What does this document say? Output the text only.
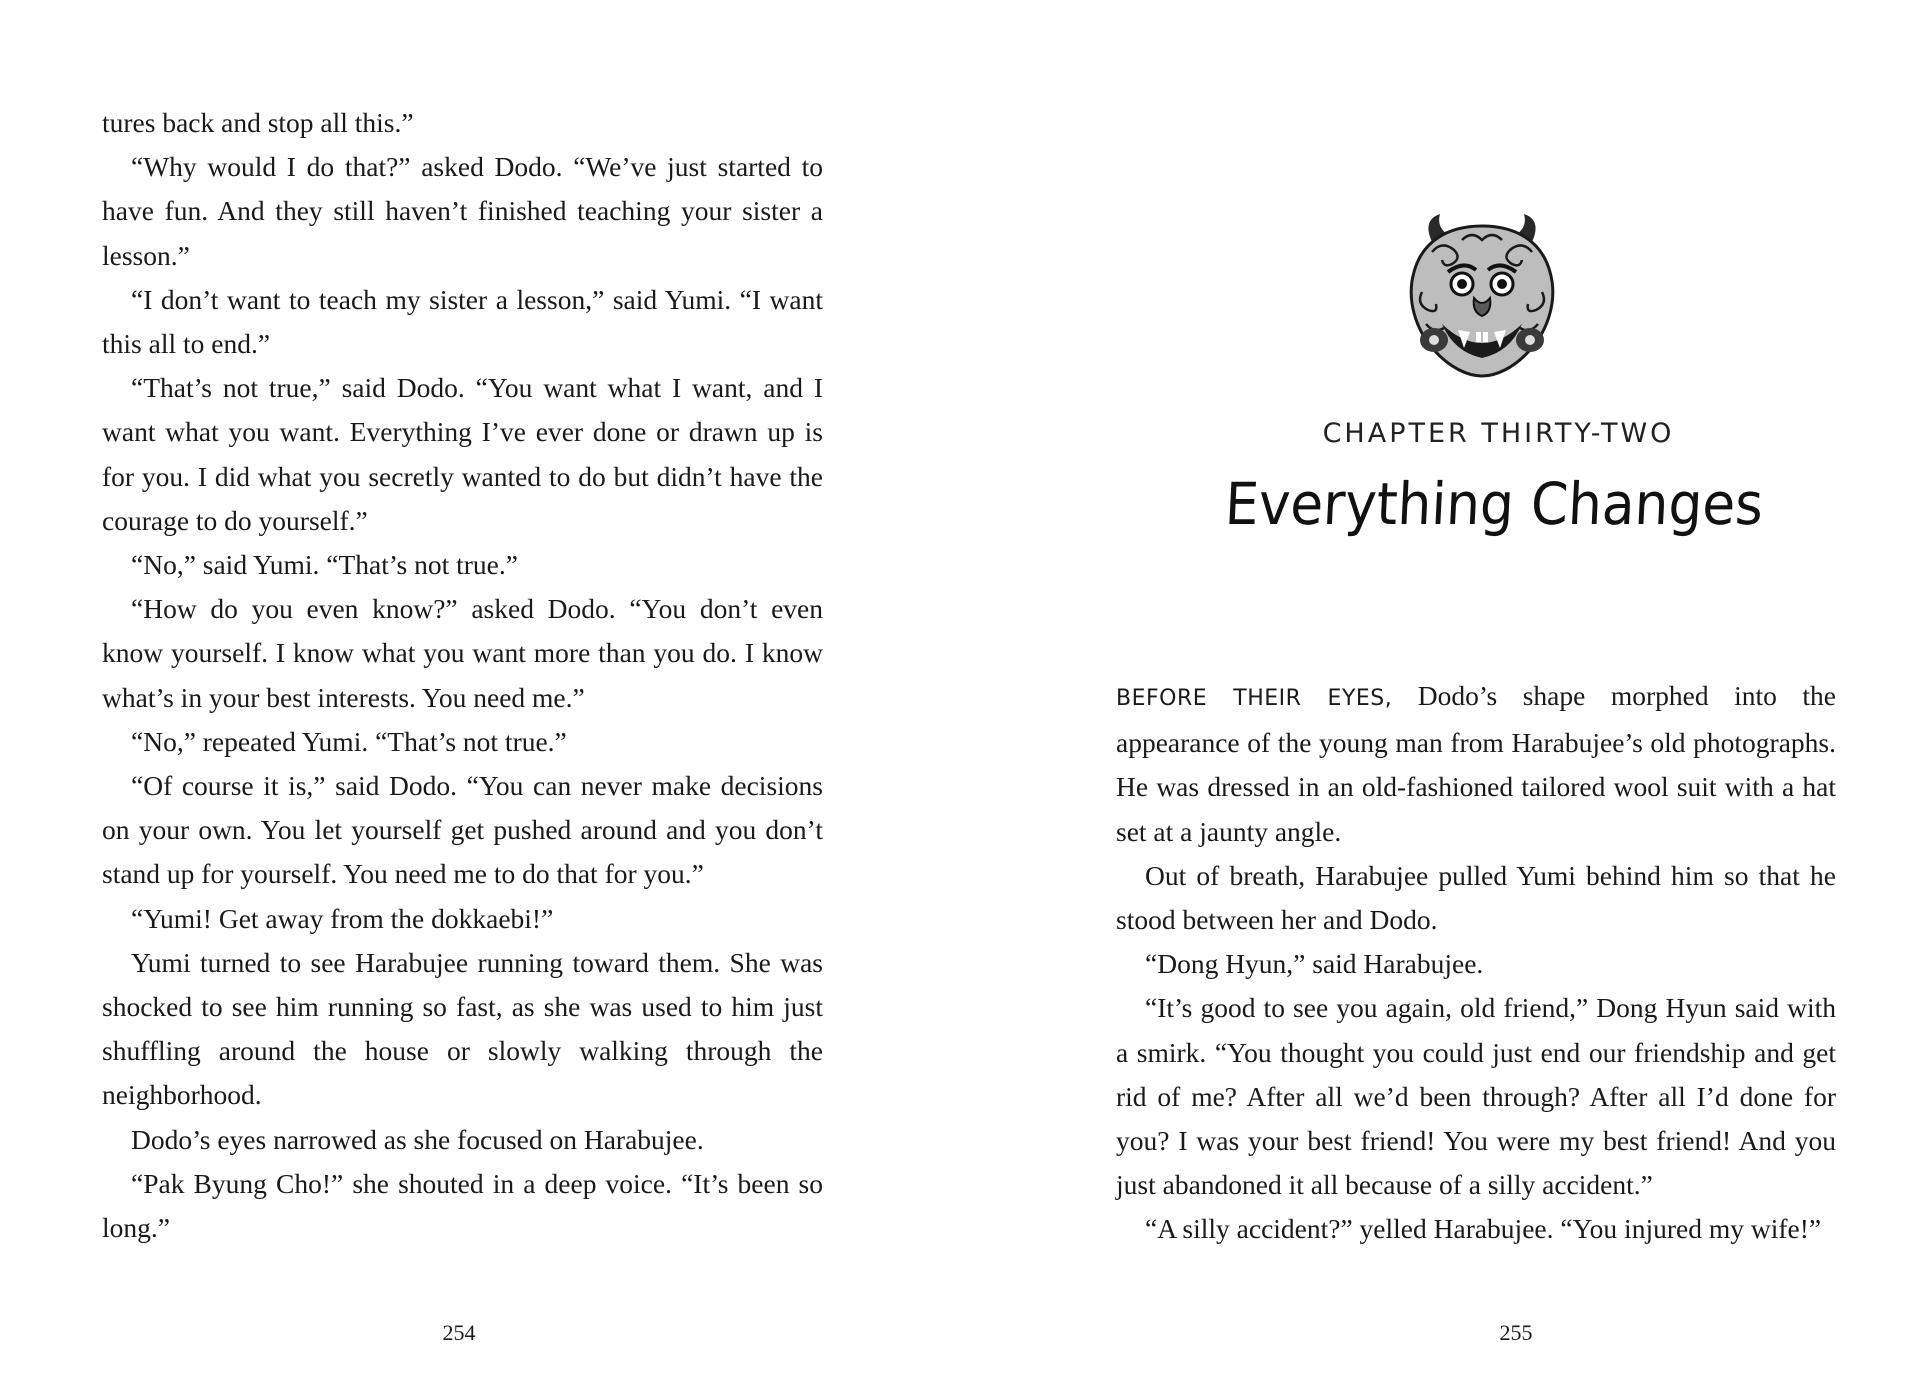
tures back and stop all this.”

“Why would I do that?” asked Dodo. “We’ve just started to have fun. And they still haven’t finished teaching your sister a lesson.”

“I don’t want to teach my sister a lesson,” said Yumi. “I want this all to end.”

“That’s not true,” said Dodo. “You want what I want, and I want what you want. Everything I’ve ever done or drawn up is for you. I did what you secretly wanted to do but didn’t have the courage to do yourself.”

“No,” said Yumi. “That’s not true.”

“How do you even know?” asked Dodo. “You don’t even know yourself. I know what you want more than you do. I know what’s in your best interests. You need me.”

“No,” repeated Yumi. “That’s not true.”

“Of course it is,” said Dodo. “You can never make decisions on your own. You let yourself get pushed around and you don’t stand up for yourself. You need me to do that for you.”

“Yumi! Get away from the dokkaebi!”

Yumi turned to see Harabujee running toward them. She was shocked to see him running so fast, as she was used to him just shuffling around the house or slowly walking through the neighborhood.

Dodo’s eyes narrowed as she focused on Harabujee.

“Pak Byung Cho!” she shouted in a deep voice. “It’s been so long.”

254
CHAPTER THIRTY-TWO
Everything Changes

BEFORE THEIR EYES, Dodo’s shape morphed into the appearance of the young man from Harabujee’s old photographs. He was dressed in an old-fashioned tailored wool suit with a hat set at a jaunty angle.

Out of breath, Harabujee pulled Yumi behind him so that he stood between her and Dodo.

“Dong Hyun,” said Harabujee.

“It’s good to see you again, old friend,” Dong Hyun said with a smirk. “You thought you could just end our friendship and get rid of me? After all we’d been through? After all I’d done for you? I was your best friend! You were my best friend! And you just abandoned it all because of a silly accident.”

“A silly accident?” yelled Harabujee. “You injured my wife!”

255
